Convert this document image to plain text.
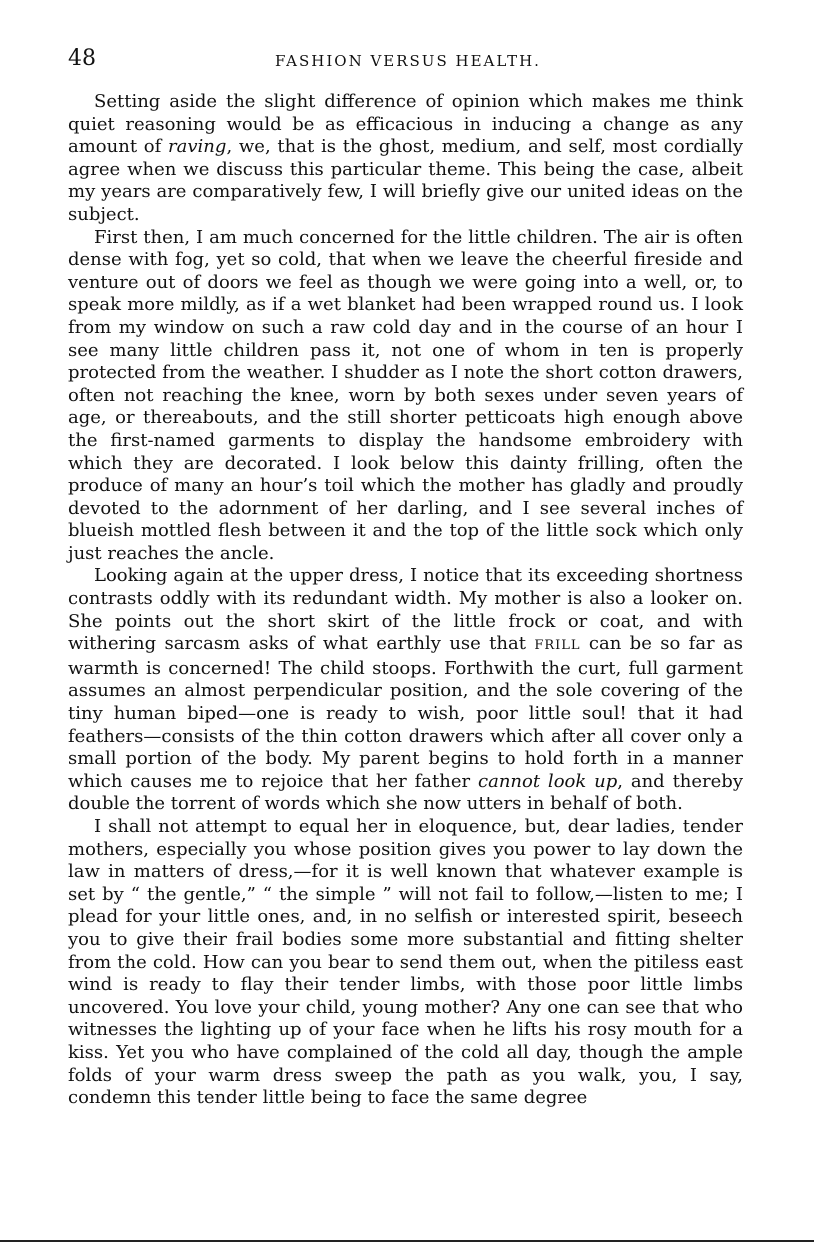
48	FASHION VERSUS HEALTH.

Setting aside the slight difference of opinion which makes me think quiet reasoning would be as efficacious in inducing a change as any amount of raving, we, that is the ghost, medium, and self, most cordially agree when we discuss this particular theme. This being the case, albeit my years are comparatively few, I will briefly give our united ideas on the subject.

First then, I am much concerned for the little children. The air is often dense with fog, yet so cold, that when we leave the cheerful fireside and venture out of doors we feel as though we were going into a well, or, to speak more mildly, as if a wet blanket had been wrapped round us. I look from my window on such a raw cold day and in the course of an hour I see many little children pass it, not one of whom in ten is properly protected from the weather. I shudder as I note the short cotton drawers, often not reaching the knee, worn by both sexes under seven years of age, or thereabouts, and the still shorter petticoats high enough above the first-named garments to display the handsome embroidery with which they are decorated. I look below this dainty frilling, often the produce of many an hour’s toil which the mother has gladly and proudly devoted to the adornment of her darling, and I see several inches of blueish mottled flesh between it and the top of the little sock which only just reaches the ancle.

Looking again at the upper dress, I notice that its exceeding shortness contrasts oddly with its redundant width. My mother is also a looker on. She points out the short skirt of the little frock or coat, and with withering sarcasm asks of what earthly use that FRILL can be so far as warmth is concerned! The child stoops. Forthwith the curt, full garment assumes an almost perpendicular position, and the sole covering of the tiny human biped—one is ready to wish, poor little soul! that it had feathers—consists of the thin cotton drawers which after all cover only a small portion of the body. My parent begins to hold forth in a manner which causes me to rejoice that her father cannot look up, and thereby double the torrent of words which she now utters in behalf of both.

I shall not attempt to equal her in eloquence, but, dear ladies, tender mothers, especially you whose position gives you power to lay down the law in matters of dress,—for it is well known that whatever example is set by “ the gentle,” “ the simple ” will not fail to follow,—listen to me; I plead for your little ones, and, in no selfish or interested spirit, beseech you to give their frail bodies some more substantial and fitting shelter from the cold. How can you bear to send them out, when the pitiless east wind is ready to flay their tender limbs, with those poor little limbs uncovered. You love your child, young mother? Any one can see that who witnesses the lighting up of your face when he lifts his rosy mouth for a kiss. Yet you who have complained of the cold all day, though the ample folds of your warm dress sweep the path as you walk, you, I say, condemn this tender little being to face the same degree
